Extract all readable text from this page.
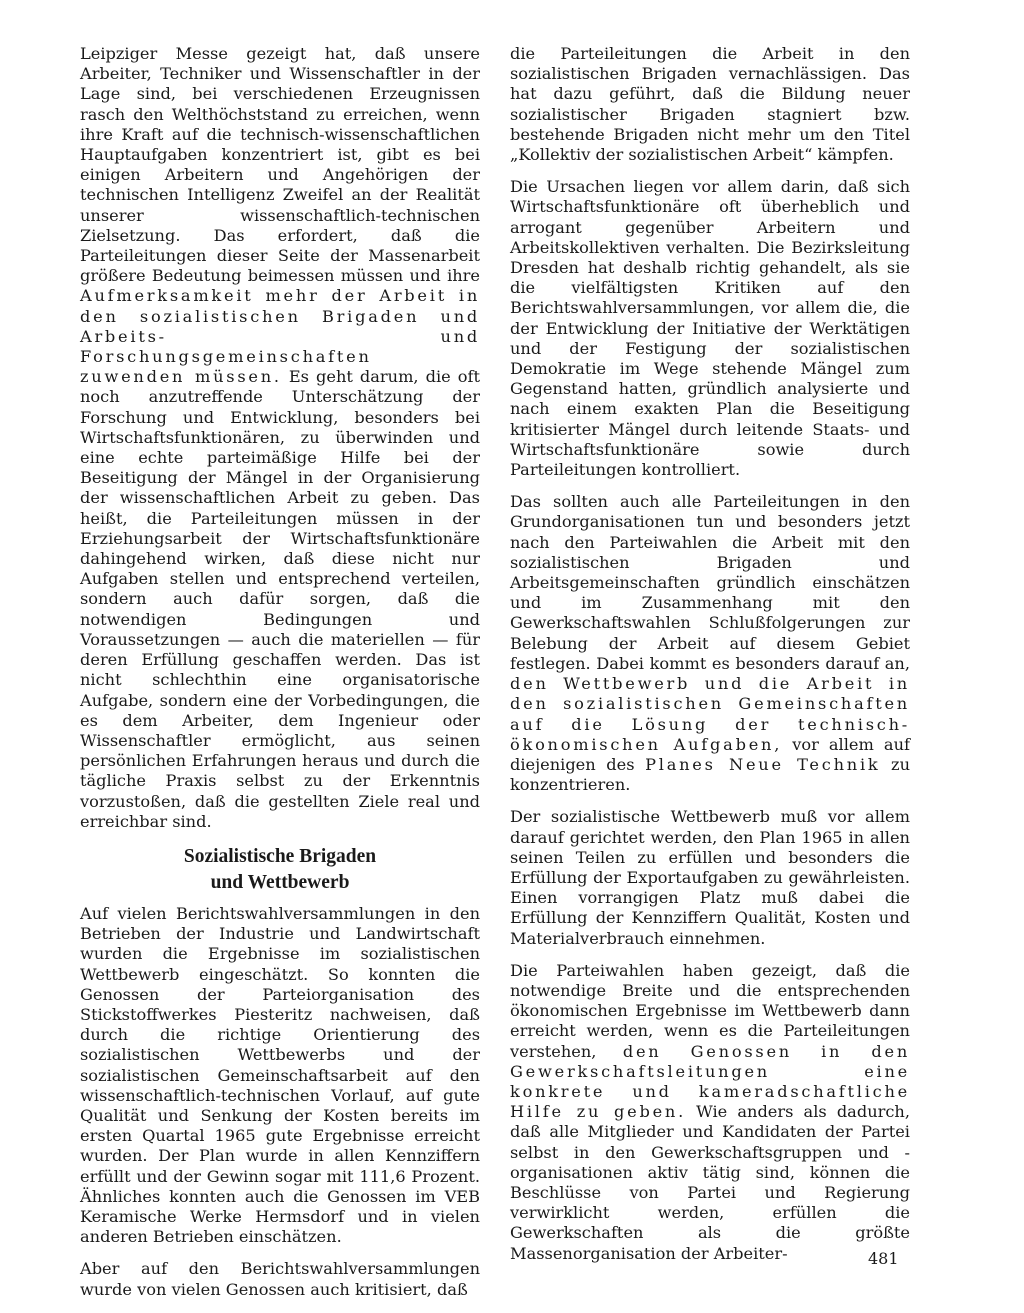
Leipziger Messe gezeigt hat, daß unsere Arbeiter, Techniker und Wissenschaftler in der Lage sind, bei verschiedenen Erzeugnissen rasch den Welthöchststand zu erreichen, wenn ihre Kraft auf die technisch-wissenschaftlichen Hauptaufgaben konzentriert ist, gibt es bei einigen Arbeitern und Angehörigen der technischen Intelligenz Zweifel an der Realität unserer wissenschaftlich-technischen Zielsetzung. Das erfordert, daß die Parteileitungen dieser Seite der Massenarbeit größere Bedeutung beimessen müssen und ihre Aufmerksamkeit mehr der Arbeit in den sozialistischen Brigaden und Arbeits- und Forschungsgemeinschaften zuwenden müssen. Es geht darum, die oft noch anzutreffende Unterschätzung der Forschung und Entwicklung, besonders bei Wirtschaftsfunktionären, zu überwinden und eine echte parteimäßige Hilfe bei der Beseitigung der Mängel in der Organisierung der wissenschaftlichen Arbeit zu geben. Das heißt, die Parteileitungen müssen in der Erziehungsarbeit der Wirtschaftsfunktionäre dahingehend wirken, daß diese nicht nur Aufgaben stellen und entsprechend verteilen, sondern auch dafür sorgen, daß die notwendigen Bedingungen und Voraussetzungen — auch die materiellen — für deren Erfüllung geschaffen werden. Das ist nicht schlechthin eine organisatorische Aufgabe, sondern eine der Vorbedingungen, die es dem Arbeiter, dem Ingenieur oder Wissenschaftler ermöglicht, aus seinen persönlichen Erfahrungen heraus und durch die tägliche Praxis selbst zu der Erkenntnis vorzustoßen, daß die gestellten Ziele real und erreichbar sind.

Sozialistische Brigaden
und Wettbewerb

Auf vielen Berichtswahlversammlungen in den Betrieben der Industrie und Landwirtschaft wurden die Ergebnisse im sozialistischen Wettbewerb eingeschätzt. So konnten die Genossen der Parteiorganisation des Stickstoffwerkes Piesteritz nachweisen, daß durch die richtige Orientierung des sozialistischen Wettbewerbs und der sozialistischen Gemeinschaftsarbeit auf den wissenschaftlich-technischen Vorlauf, auf gute Qualität und Senkung der Kosten bereits im ersten Quartal 1965 gute Ergebnisse erreicht wurden. Der Plan wurde in allen Kennziffern erfüllt und der Gewinn sogar mit 111,6 Prozent. Ähnliches konnten auch die Genossen im VEB Keramische Werke Hermsdorf und in vielen anderen Betrieben einschätzen.

Aber auf den Berichtswahlversammlungen wurde von vielen Genossen auch kritisiert, daß

die Parteileitungen die Arbeit in den sozialistischen Brigaden vernachlässigen. Das hat dazu geführt, daß die Bildung neuer sozialistischer Brigaden stagniert bzw. bestehende Brigaden nicht mehr um den Titel „Kollektiv der sozialistischen Arbeit“ kämpfen.

Die Ursachen liegen vor allem darin, daß sich Wirtschaftsfunktionäre oft überheblich und arrogant gegenüber Arbeitern und Arbeitskollektiven verhalten. Die Bezirksleitung Dresden hat deshalb richtig gehandelt, als sie die vielfältigsten Kritiken auf den Berichtswahlversammlungen, vor allem die, die der Entwicklung der Initiative der Werktätigen und der Festigung der sozialistischen Demokratie im Wege stehende Mängel zum Gegenstand hatten, gründlich analysierte und nach einem exakten Plan die Beseitigung kritisierter Mängel durch leitende Staats- und Wirtschaftsfunktionäre sowie durch Parteileitungen kontrolliert.

Das sollten auch alle Parteileitungen in den Grundorganisationen tun und besonders jetzt nach den Parteiwahlen die Arbeit mit den sozialistischen Brigaden und Arbeitsgemeinschaften gründlich einschätzen und im Zusammenhang mit den Gewerkschaftswahlen Schlußfolgerungen zur Belebung der Arbeit auf diesem Gebiet festlegen. Dabei kommt es besonders darauf an, den Wettbewerb und die Arbeit in den sozialistischen Gemeinschaften auf die Lösung der technisch-ökonomischen Aufgaben, vor allem auf diejenigen des Planes Neue Technik zu konzentrieren.

Der sozialistische Wettbewerb muß vor allem darauf gerichtet werden, den Plan 1965 in allen seinen Teilen zu erfüllen und besonders die Erfüllung der Exportaufgaben zu gewährleisten. Einen vorrangigen Platz muß dabei die Erfüllung der Kennziffern Qualität, Kosten und Materialverbrauch einnehmen.

Die Parteiwahlen haben gezeigt, daß die notwendige Breite und die entsprechenden ökonomischen Ergebnisse im Wettbewerb dann erreicht werden, wenn es die Parteileitungen verstehen, den Genossen in den Gewerkschaftsleitungen eine konkrete und kameradschaftliche Hilfe zu geben. Wie anders als dadurch, daß alle Mitglieder und Kandidaten der Partei selbst in den Gewerkschaftsgruppen und -organisationen aktiv tätig sind, können die Beschlüsse von Partei und Regierung verwirklicht werden, erfüllen die Gewerkschaften als die größte Massenorganisation der Arbeiter-	481
